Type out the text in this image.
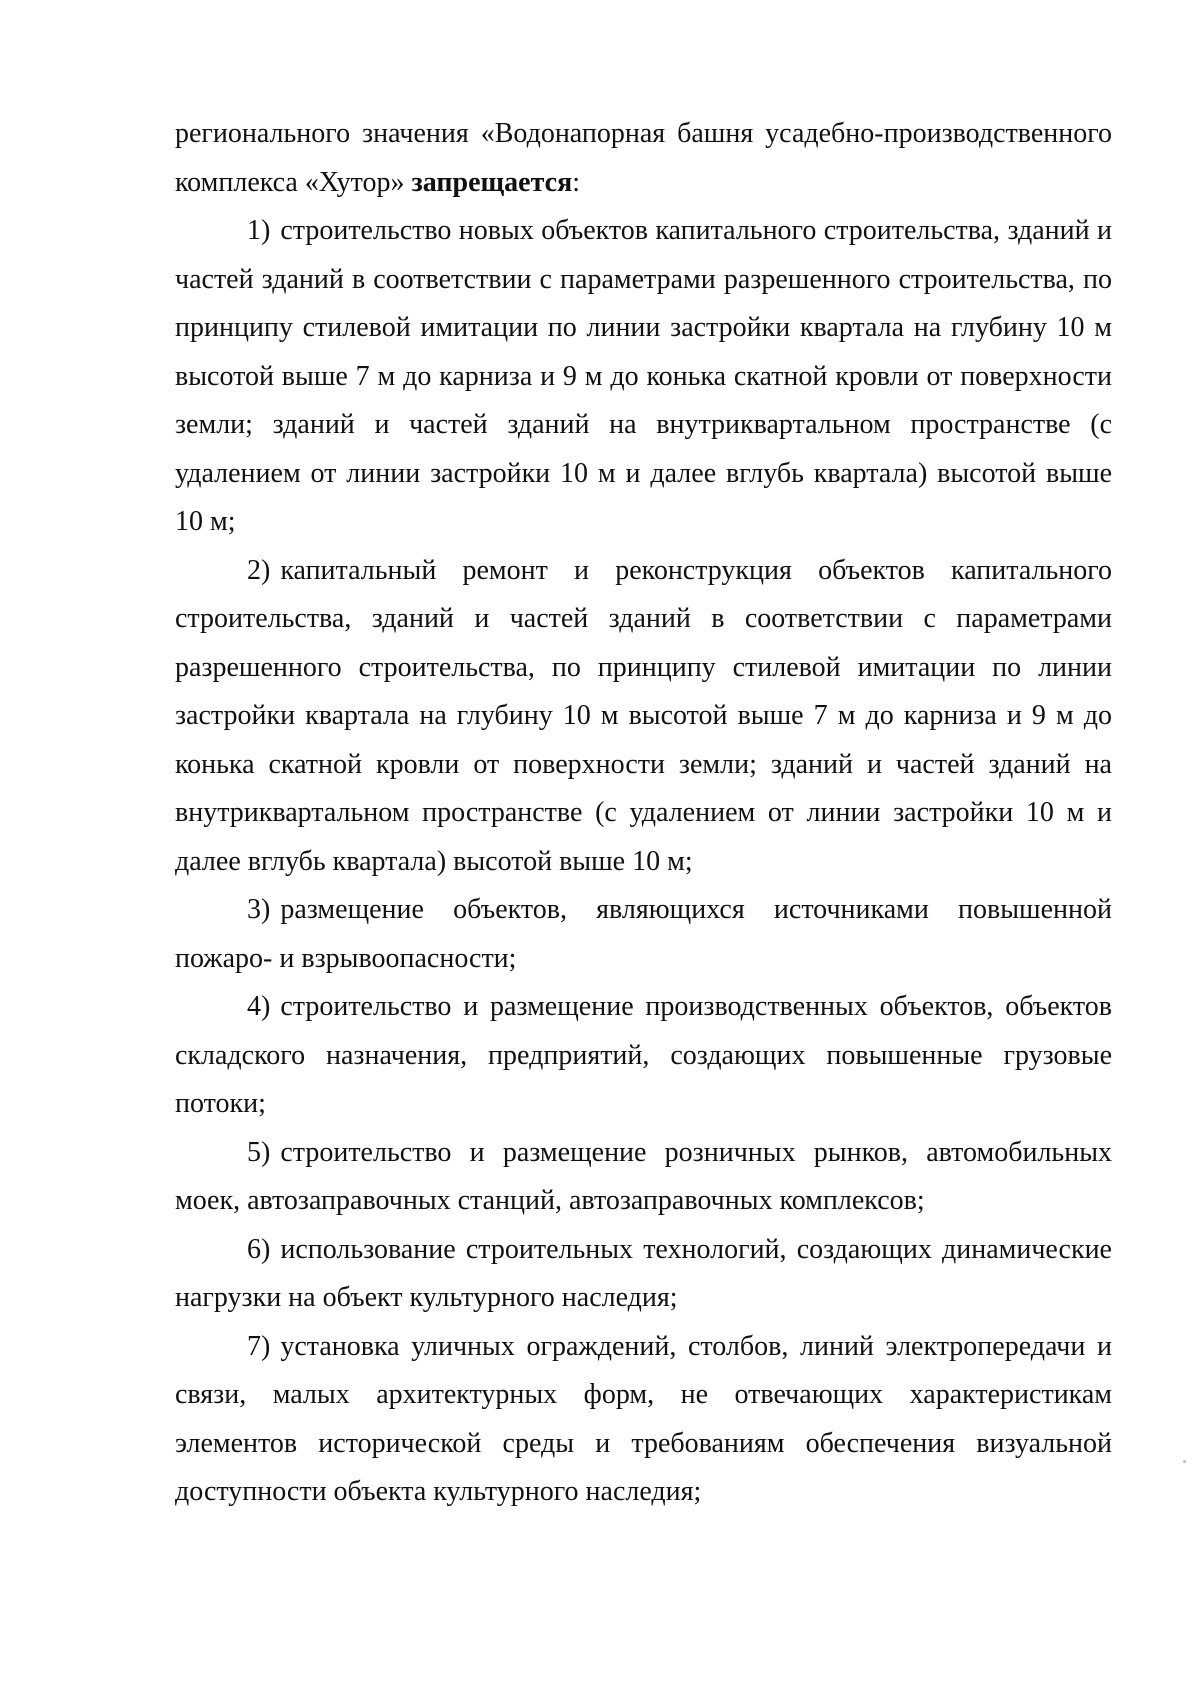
регионального значения «Водонапорная башня усадебно-производственного комплекса «Хутор» запрещается:

1) строительство новых объектов капитального строительства, зданий и частей зданий в соответствии с параметрами разрешенного строительства, по принципу стилевой имитации по линии застройки квартала на глубину 10 м высотой выше 7 м до карниза и 9 м до конька скатной кровли от поверхности земли; зданий и частей зданий на внутриквартальном пространстве (с удалением от линии застройки 10 м и далее вглубь квартала) высотой выше 10 м;

2) капитальный ремонт и реконструкция объектов капитального строительства, зданий и частей зданий в соответствии с параметрами разрешенного строительства, по принципу стилевой имитации по линии застройки квартала на глубину 10 м высотой выше 7 м до карниза и 9 м до конька скатной кровли от поверхности земли; зданий и частей зданий на внутриквартальном пространстве (с удалением от линии застройки 10 м и далее вглубь квартала) высотой выше 10 м;

3) размещение объектов, являющихся источниками повышенной пожаро- и взрывоопасности;

4) строительство и размещение производственных объектов, объектов складского назначения, предприятий, создающих повышенные грузовые потоки;

5) строительство и размещение розничных рынков, автомобильных моек, автозаправочных станций, автозаправочных комплексов;

6) использование строительных технологий, создающих динамические нагрузки на объект культурного наследия;

7) установка уличных ограждений, столбов, линий электропередачи и связи, малых архитектурных форм, не отвечающих характеристикам элементов исторической среды и требованиям обеспечения визуальной доступности объекта культурного наследия;
